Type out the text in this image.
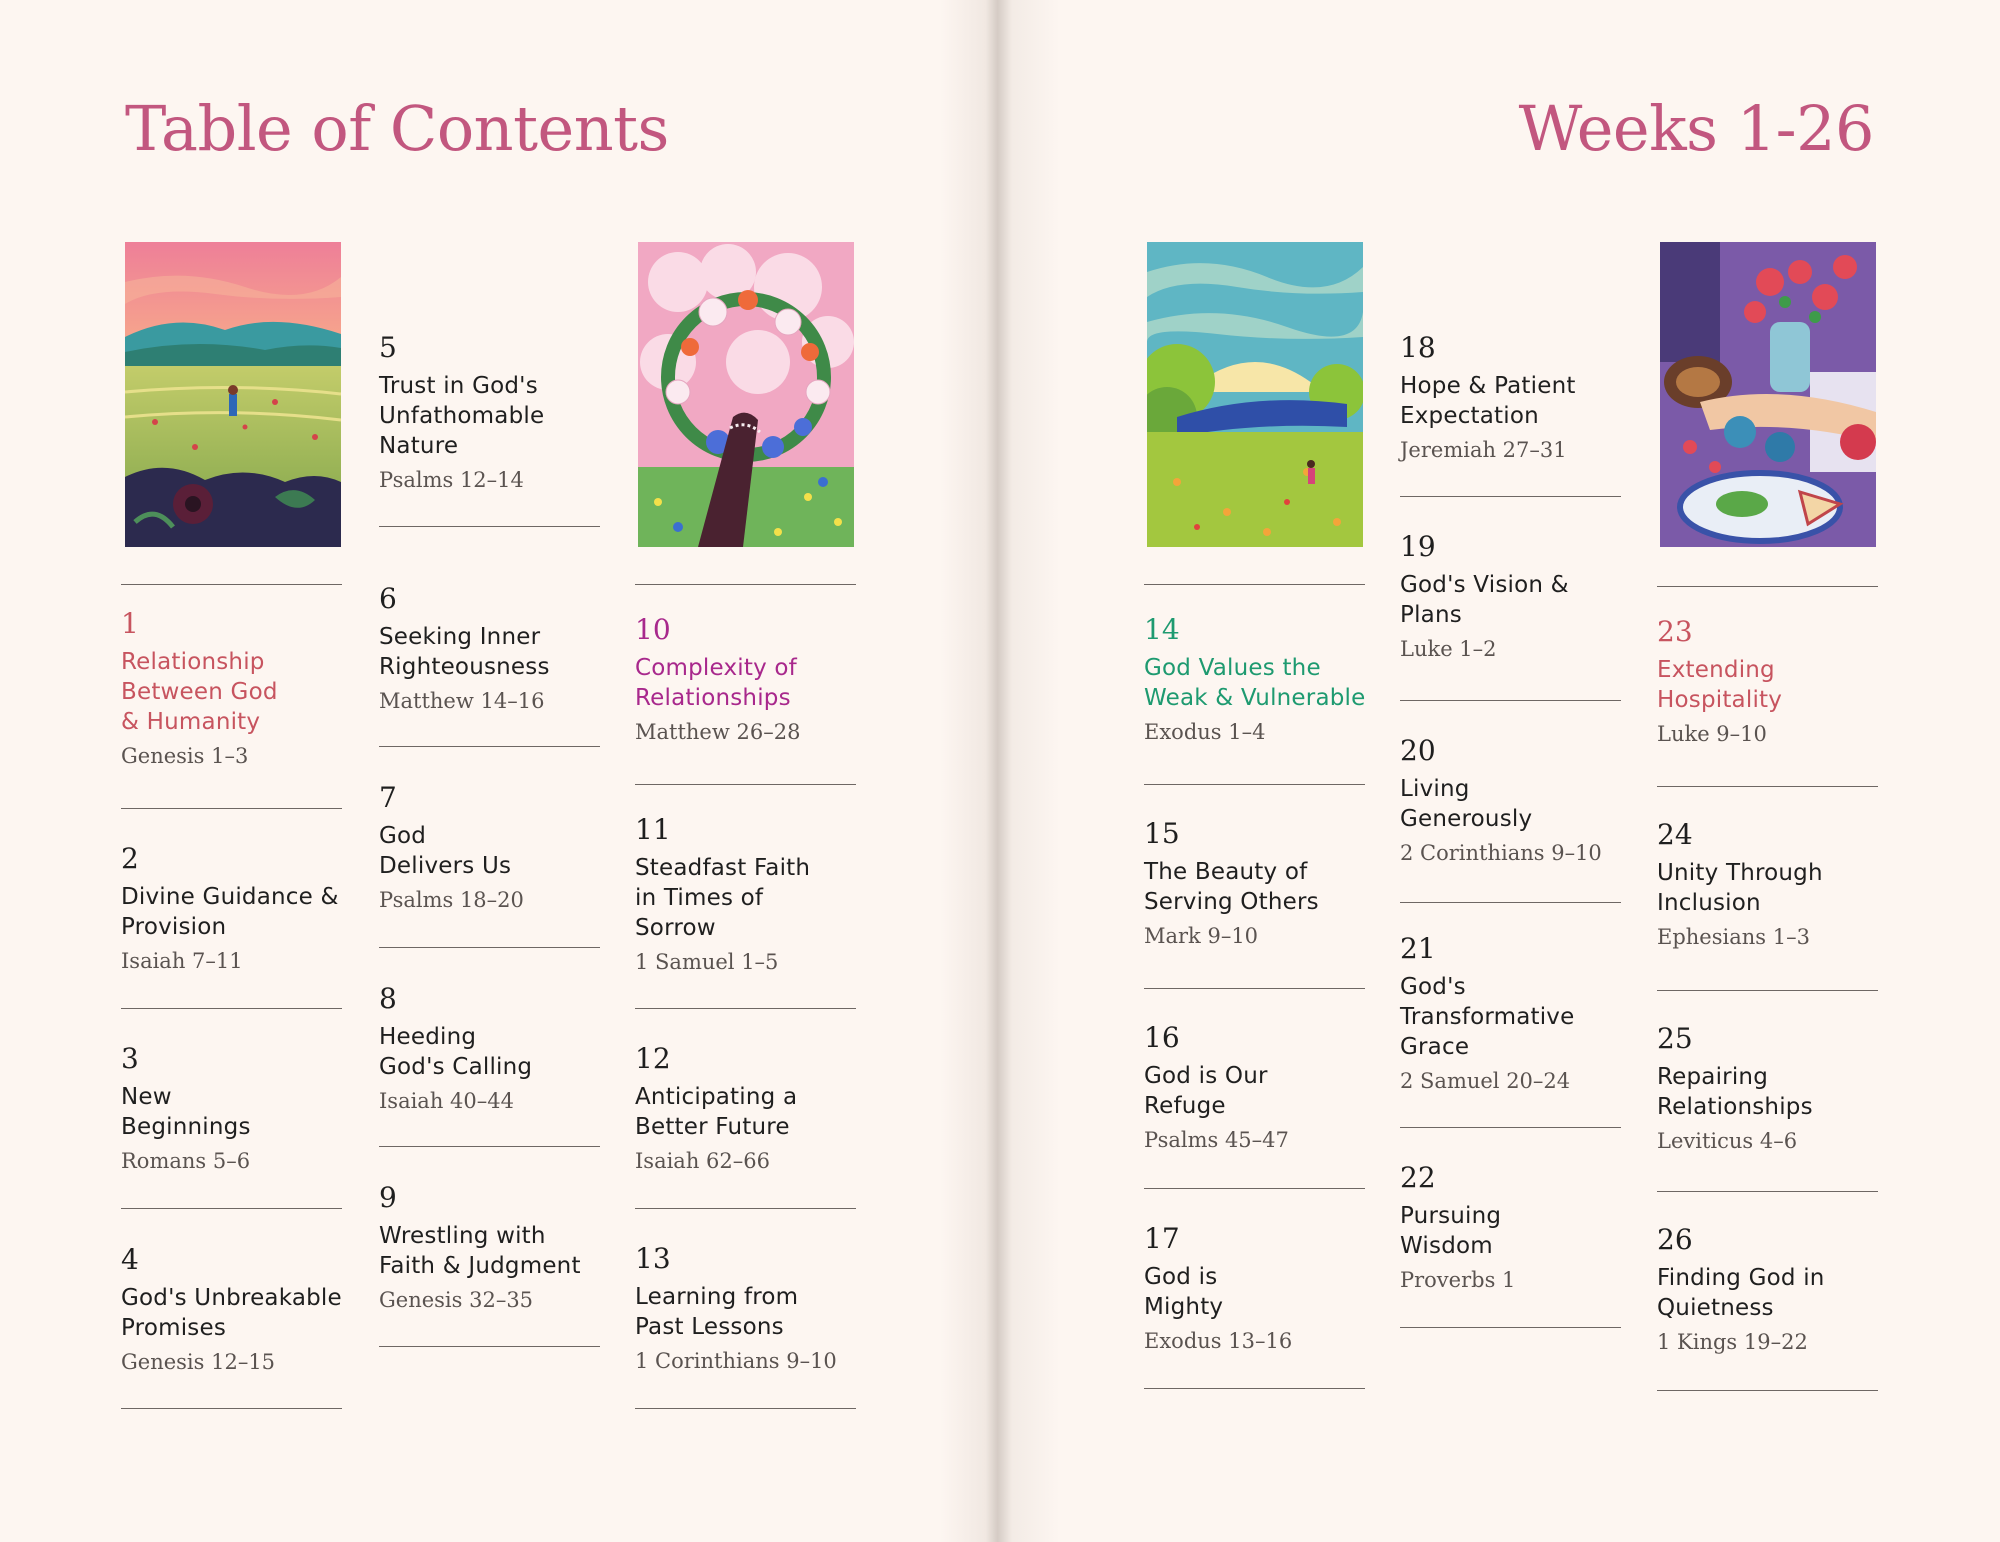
Table of Contents
1
Relationship
Between God
& Humanity
Genesis 1–3
2
Divine Guidance &
Provision
Isaiah 7–11
3
New
Beginnings
Romans 5–6
4
God's Unbreakable
Promises
Genesis 12–15
5
Trust in God's
Unfathomable
Nature
Psalms 12–14
6
Seeking Inner
Righteousness
Matthew 14–16
7
God
Delivers Us
Psalms 18–20
8
Heeding
God's Calling
Isaiah 40–44
9
Wrestling with
Faith & Judgment
Genesis 32–35
10
Complexity of
Relationships
Matthew 26–28
11
Steadfast Faith
in Times of
Sorrow
1 Samuel 1–5
12
Anticipating a
Better Future
Isaiah 62–66
13
Learning from
Past Lessons
1 Corinthians 9–10
Weeks 1-26
14
God Values the
Weak & Vulnerable
Exodus 1–4
15
The Beauty of
Serving Others
Mark 9–10
16
God is Our
Refuge
Psalms 45–47
17
God is
Mighty
Exodus 13–16
18
Hope & Patient
Expectation
Jeremiah 27–31
19
God's Vision &
Plans
Luke 1–2
20
Living
Generously
2 Corinthians 9–10
21
God's
Transformative
Grace
2 Samuel 20–24
22
Pursuing
Wisdom
Proverbs 1
23
Extending
Hospitality
Luke 9–10
24
Unity Through
Inclusion
Ephesians 1–3
25
Repairing
Relationships
Leviticus 4–6
26
Finding God in
Quietness
1 Kings 19–22
